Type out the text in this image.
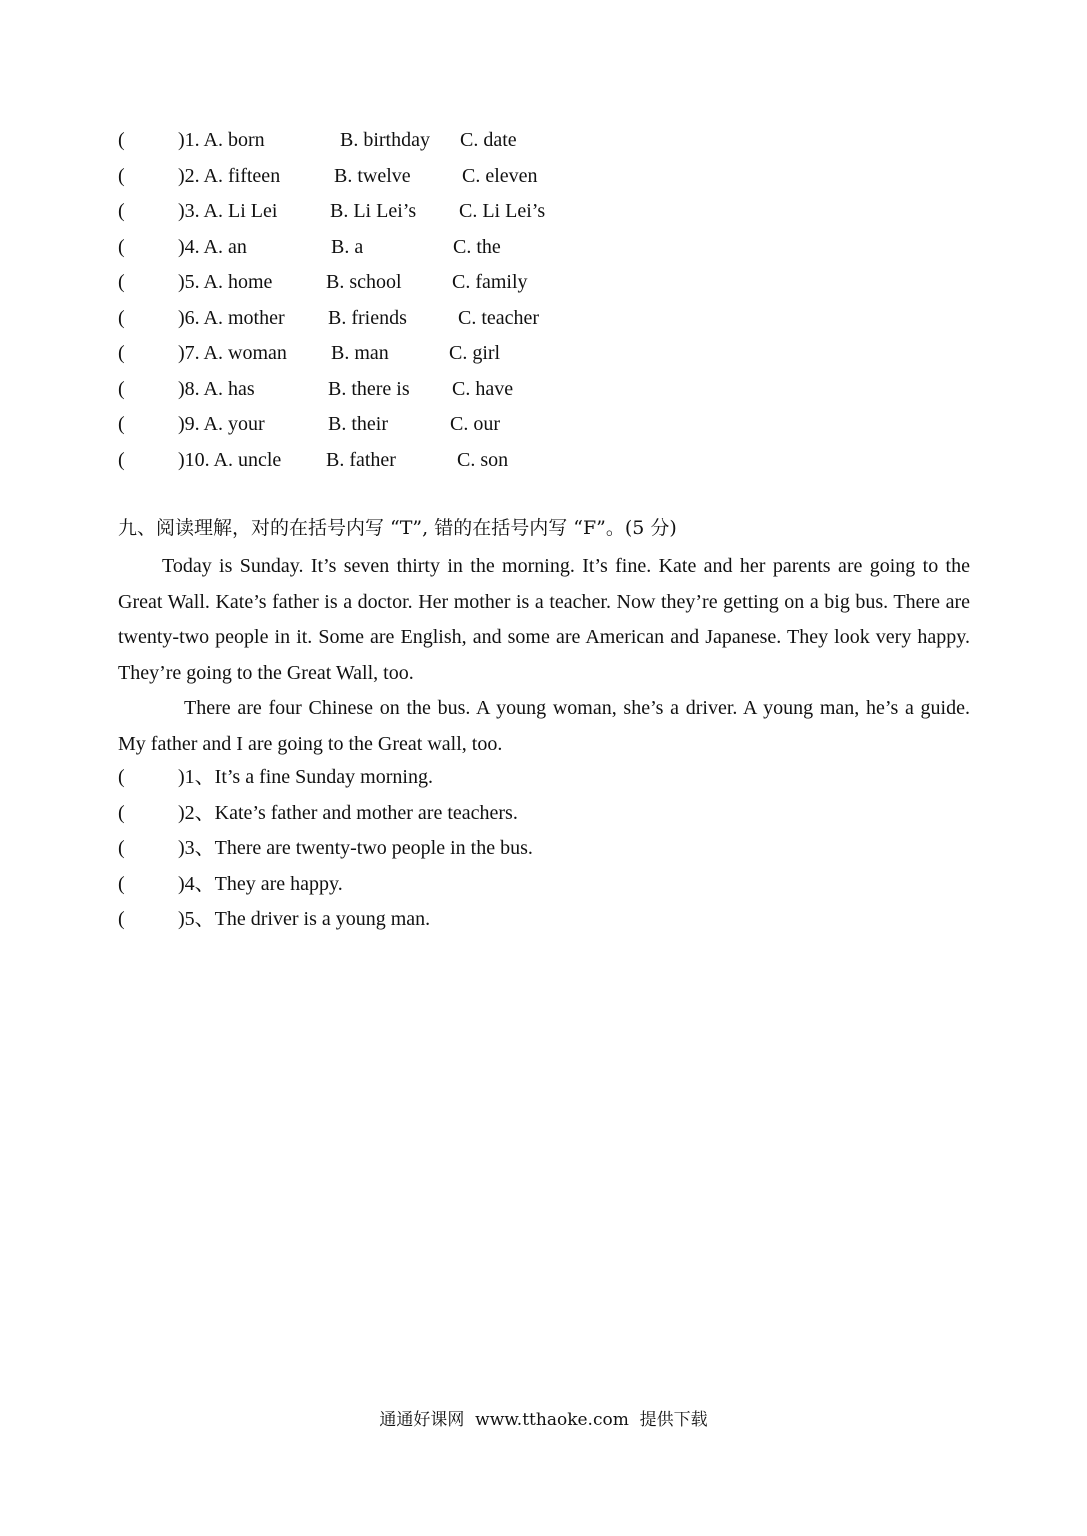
(	)1. A. born	B. birthday C. date
(	)2. A. fifteen	B. twelve	C. eleven
(	)3. A. Li Lei	B. Li Lei’s C. Li Lei’s
(	)4. A. an	B. a	C. the
(	)5. A. home	B. school	C. family
(	)6. A. mother B. friends	C. teacher
(	)7. A. woman B. man	C. girl
(	)8. A. has	B. there is C. have
(	)9. A. your	B. their	C. our
(	)10. A. uncle B. father	C. son
九、阅读理解，对的在括号内写 “T”, 错的在括号内写 “F”。(5 分)

Today is Sunday. It’s seven thirty in the morning. It’s fine. Kate and her parents are going to the Great Wall. Kate’s father is a doctor. Her mother is a teacher. Now they’re getting on a big bus. There are twenty-two people in it. Some are English, and some are American and Japanese. They look very happy. They’re going to the Great Wall, too.

There are four Chinese on the bus. A young woman, she’s a driver. A young man, he’s a guide. My father and I are going to the Great wall, too.

(	)1、It’s a fine Sunday morning.
(	)2、Kate’s father and mother are teachers.
(	)3、There are twenty-two people in the bus.
(	)4、They are happy.
(	)5、The driver is a young man.
通通好课网  www.tthaoke.com  提供下载
